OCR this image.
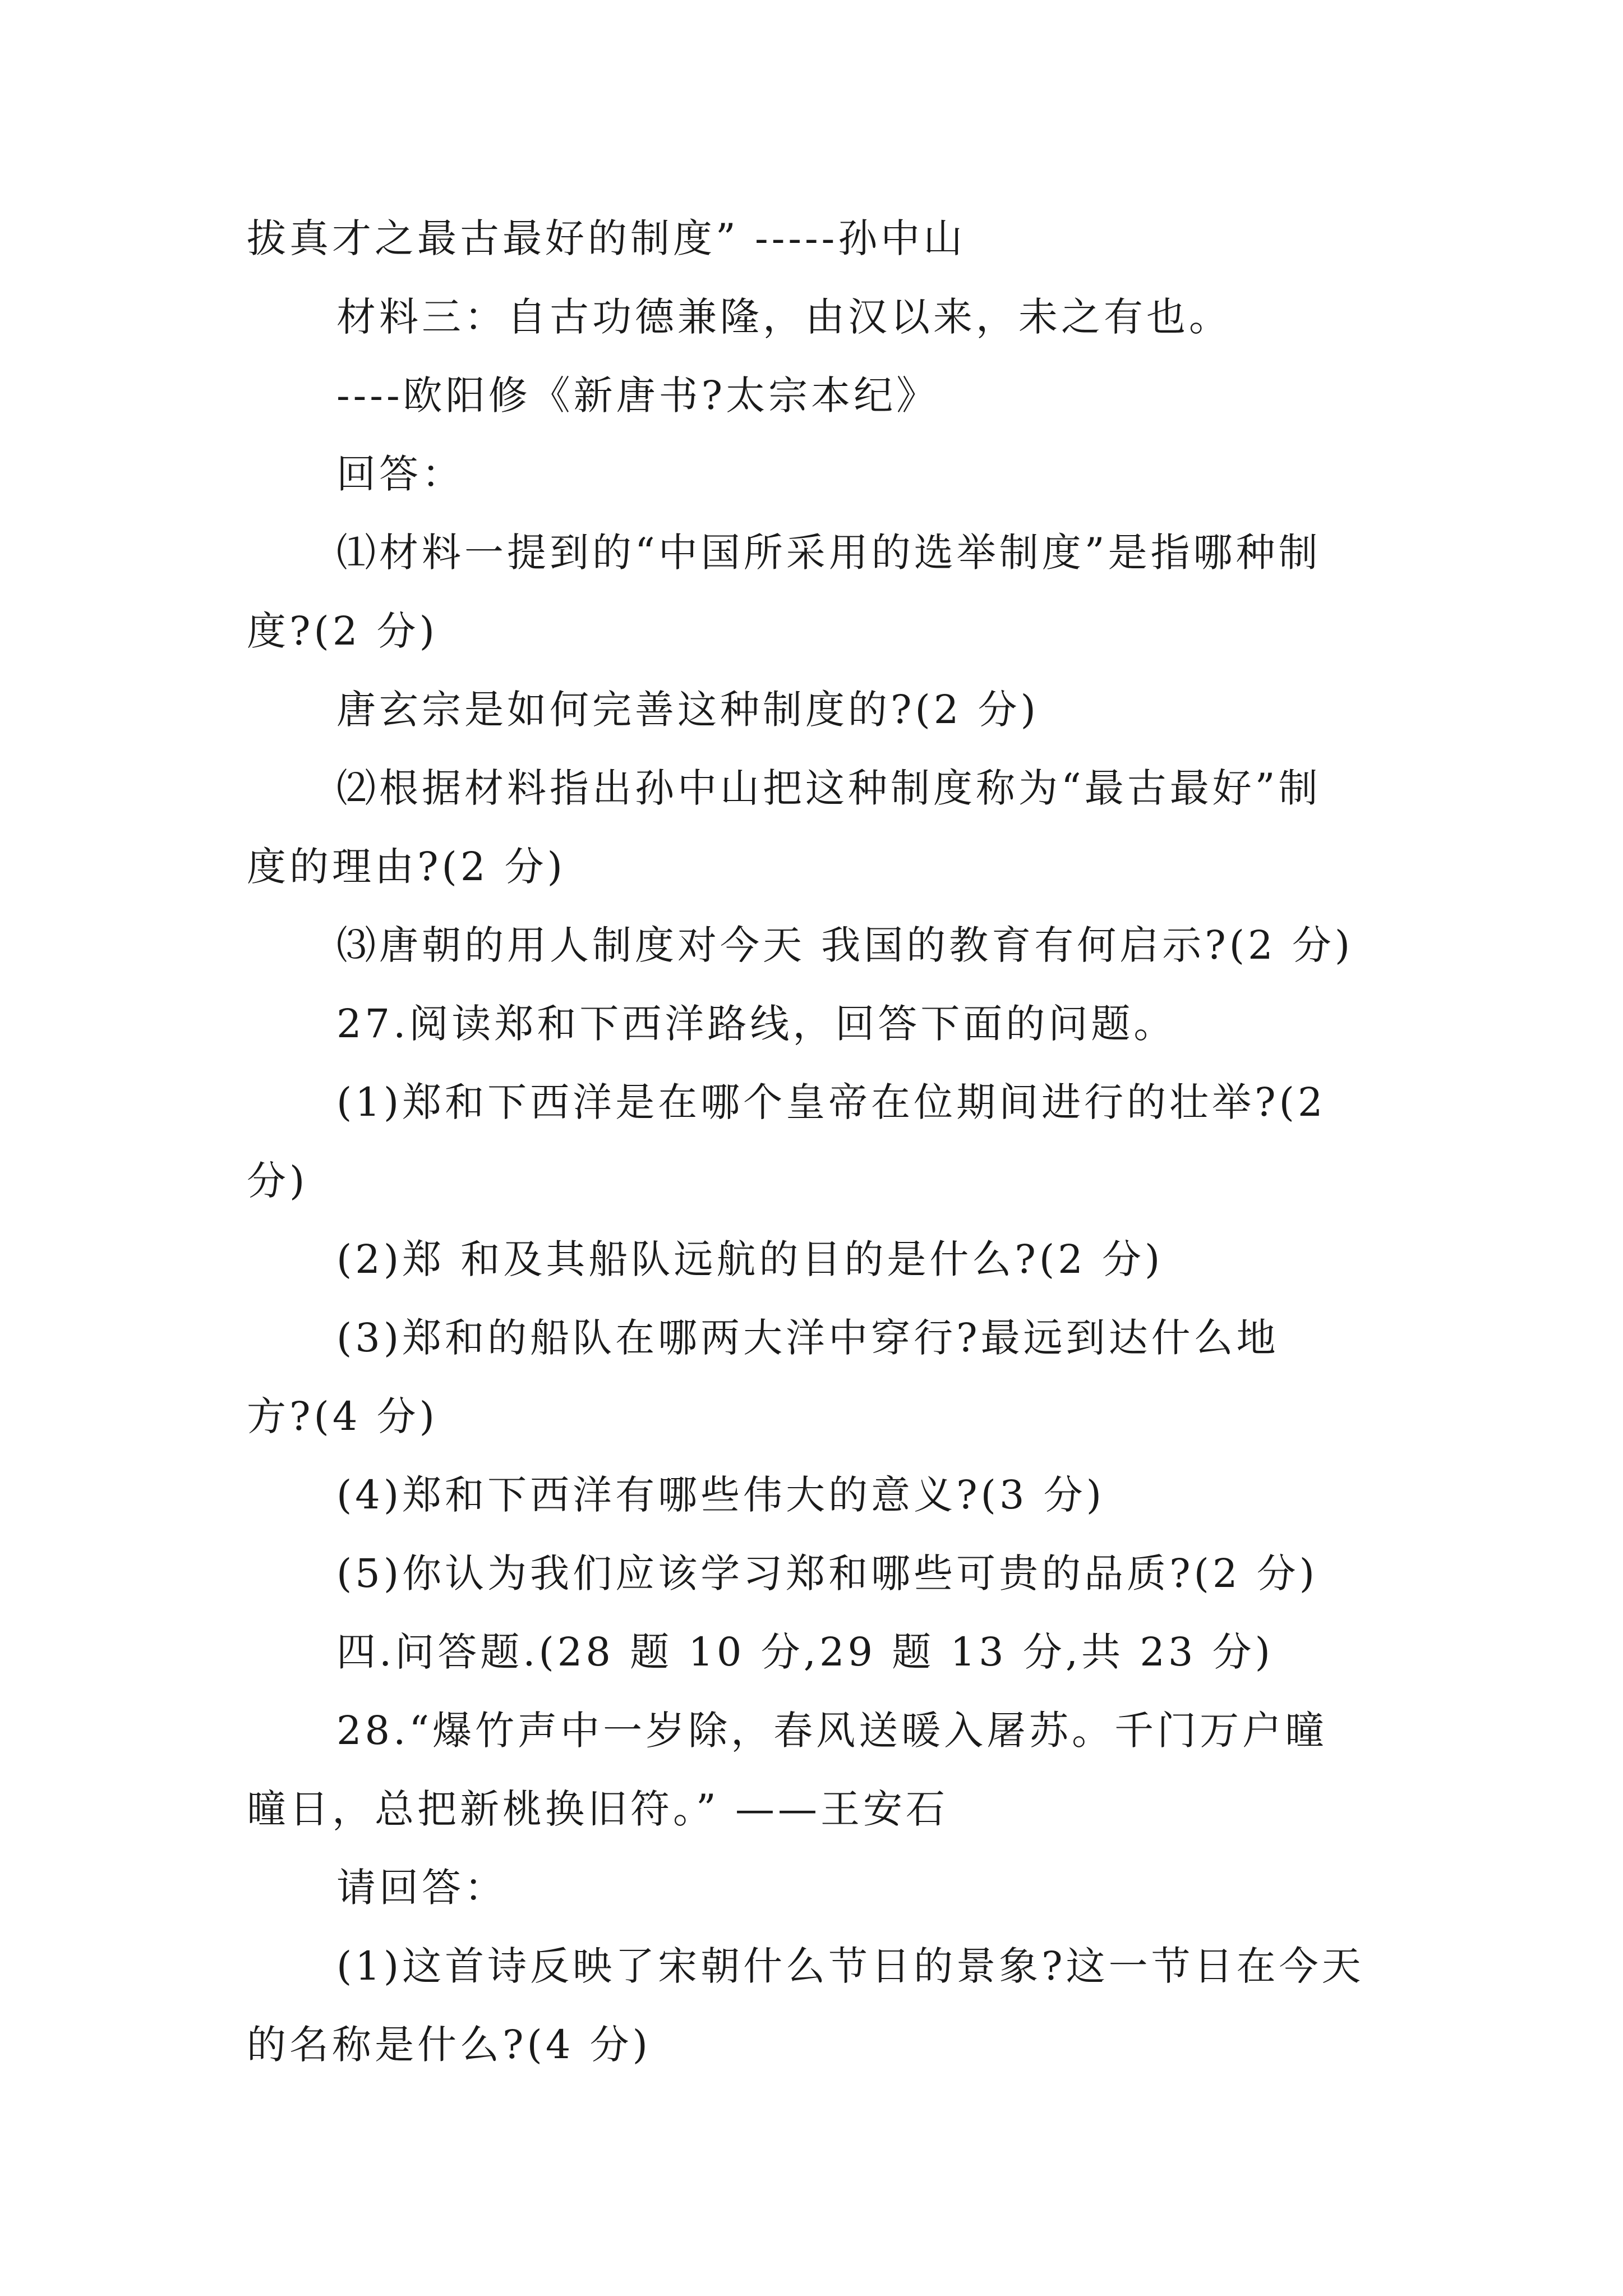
拔真才之最古最好的制度” -----孙中山
材料三：自古功德兼隆，由汉以来，未之有也。
----欧阳修《新唐书?太宗本纪》
回答：
⑴材料一提到的“中国所采用的选举制度”是指哪种制
度?(2 分)
唐玄宗是如何完善这种制度的?(2 分)
⑵根据材料指出孙中山把这种制度称为“最古最好”制
度的理由?(2 分)
⑶唐朝的用人制度对今天 我国的教育有何启示?(2 分)
27.阅读郑和下西洋路线，回答下面的问题。
(1)郑和下西洋是在哪个皇帝在位期间进行的壮举?(2
分)
(2)郑 和及其船队远航的目的是什么?(2 分)
(3)郑和的船队在哪两大洋中穿行?最远到达什么地
方?(4 分)
(4)郑和下西洋有哪些伟大的意义?(3 分)
(5)你认为我们应该学习郑和哪些可贵的品质?(2 分)
四.问答题.(28 题 10 分,29 题 13 分,共 23 分)
28.“爆竹声中一岁除，春风送暖入屠苏。千门万户曈
曈日，总把新桃换旧符。” ——王安石
请回答：
(1)这首诗反映了宋朝什么节日的景象?这一节日在今天
的名称是什么?(4 分)
